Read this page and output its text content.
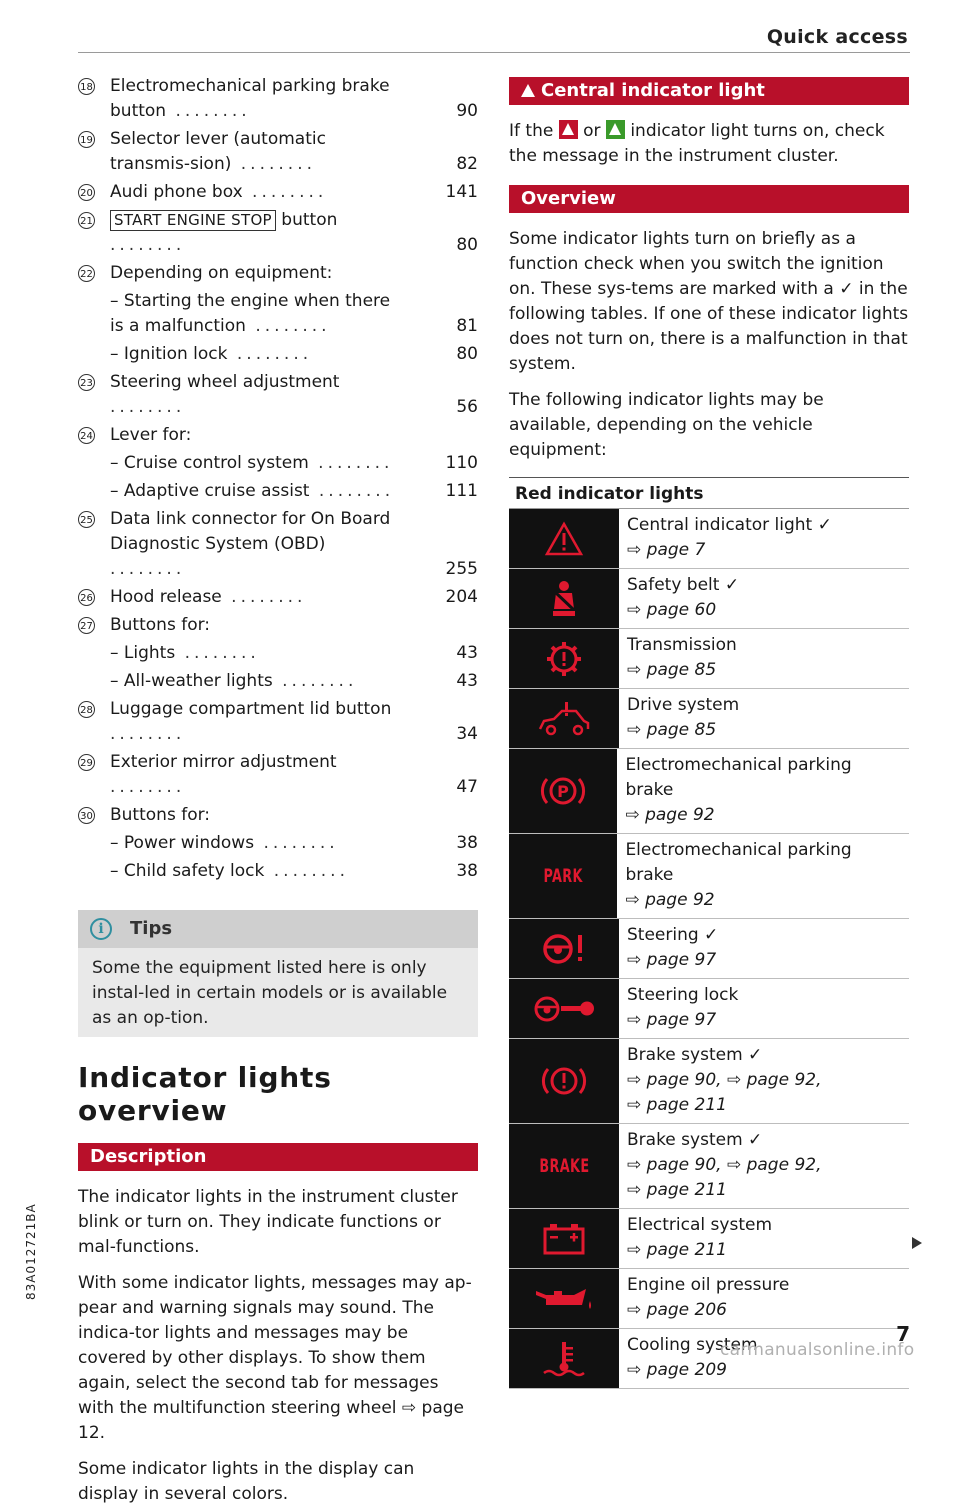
Quick access
83A012721BA
18 Electromechanical parking brake button ........	90
19 Selector lever (automatic transmis-sion) ........	82
20 Audi phone box ........	141
21 START ENGINE STOP button ........	80
22 Depending on equipment:
– Starting the engine when there is a malfunction ........	81
– Ignition lock ........	80
23 Steering wheel adjustment ........	56
24 Lever for:
– Cruise control system ........	110
– Adaptive cruise assist ........	111
25 Data link connector for On Board Diagnostic System (OBD) ........	255
26 Hood release ........	204
27 Buttons for:
– Lights ........	43
– All-weather lights ........	43
28 Luggage compartment lid button ........	34
29 Exterior mirror adjustment ........	47
30 Buttons for:
– Power windows ........	38
– Child safety lock ........	38
i	Tips
Some the equipment listed here is only instal-led in certain models or is available as an op-tion.
Indicator lights overview
Description

The indicator lights in the instrument cluster blink or turn on. They indicate functions or mal-functions.

With some indicator lights, messages may ap-pear and warning signals may sound. The indica-tor lights and messages may be covered by other displays. To show them again, select the second tab for messages with the multifunction steering wheel ⇨ page 12.

Some indicator lights in the display can display in several colors.

Central indicator light

If the or indicator light turns on, check the message in the instrument cluster.

Overview

Some indicator lights turn on briefly as a function check when you switch the ignition on. These sys-tems are marked with a ✓ in the following tables. If one of these indicator lights does not turn on, there is a malfunction in that system.

The following indicator lights may be available, depending on the vehicle equipment:

Red indicator lights
Central indicator light ✓
⇨ page 7
Safety belt ✓
⇨ page 60
Transmission
⇨ page 85
Drive system
⇨ page 85
P
Electromechanical parking brake
⇨ page 92
PARK
Electromechanical parking brake
⇨ page 92
Steering ✓
⇨ page 97
Steering lock
⇨ page 97
Brake system ✓
⇨ page 90, ⇨ page 92,
⇨ page 211
BRAKE
Brake system ✓
⇨ page 90, ⇨ page 92,
⇨ page 211
Electrical system
⇨ page 211
Engine oil pressure
⇨ page 206
Cooling system
⇨ page 209
7
carmanualsonline.info
